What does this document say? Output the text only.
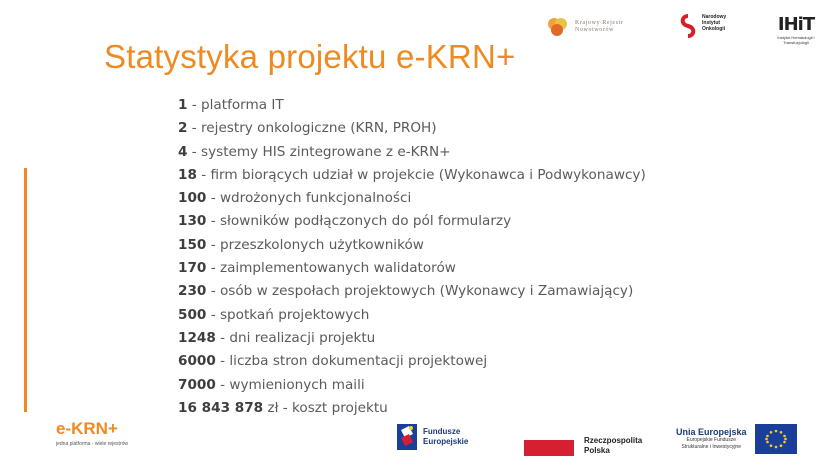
Statystyka projektu e-KRN+
1 - platforma IT
2 - rejestry onkologiczne (KRN, PROH)
4 - systemy HIS zintegrowane z e-KRN+
18 - firm biorących udział w projekcie (Wykonawca i Podwykonawcy)
100 - wdrożonych funkcjonalności
130 - słowników podłączonych do pól formularzy
150 - przeszkolonych użytkowników
170 - zaimplementowanych walidatorów
230 - osób w zespołach projektowych (Wykonawcy i Zamawiający)
500 - spotkań projektowych
1248 - dni realizacji projektu
6000 - liczba stron dokumentacji projektowej
7000 - wymienionych maili
16 843 878 zł - koszt projektu
Krajowy Rejestr
Nowotworów
Narodowy
Instytut
Onkologii	IHiT
Instytut Hematologii i Transfuzjologii
e-KRN+
jedna platforma - wiele rejestrów
Fundusze
Europejskie	Rzeczpospolita
Polska
Unia Europejska
Europejskie Fundusze
Strukturalne i Inwestycyjne
